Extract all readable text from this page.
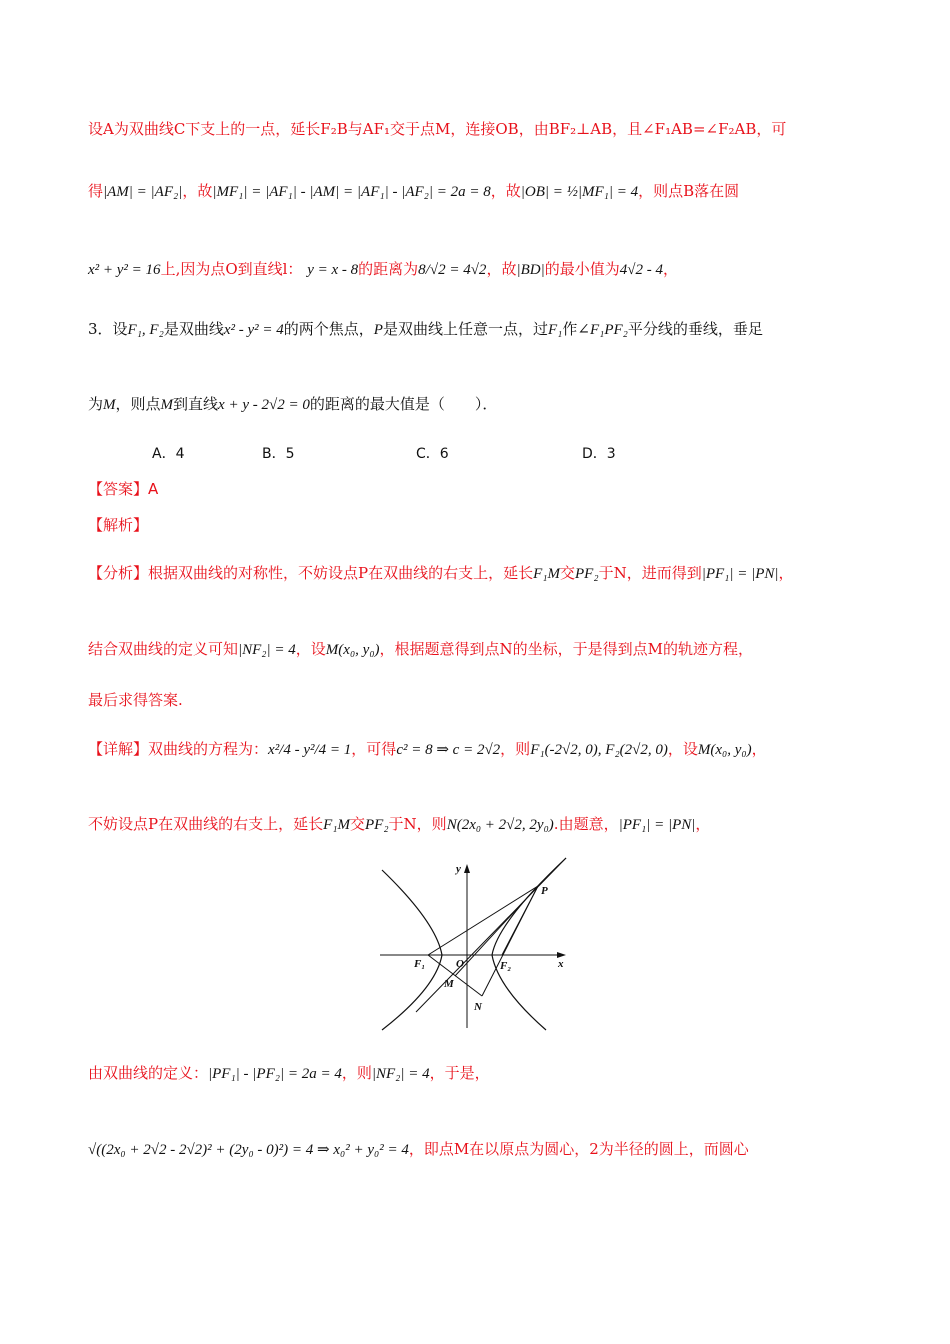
设A为双曲线C下支上的一点，延长F₂B与AF₁交于点M，连接OB，由BF₂⊥AB，且∠F₁AB=∠F₂AB，可
得|AM| = |AF₂|，故|MF₁| = |AF₁| - |AM| = |AF₁| - |AF₂| = 2a = 8，故|OB| = ½|MF₁| = 4，则点B落在圆
x² + y² = 16上,因为点O到直线l： y = x - 8的距离为8/√2 = 4√2，故|BD|的最小值为4√2 - 4，
3．设F₁, F₂是双曲线x² - y² = 4的两个焦点，P是双曲线上任意一点，过F₁作∠F₁PF₂平分线的垂线，垂足
为M，则点M到直线x + y - 2√2 = 0的距离的最大值是（　　）．
A．4	B．5	C．6	D．3
【答案】A
【解析】
【分析】根据双曲线的对称性，不妨设点P在双曲线的右支上，延长F₁M交PF₂于N，进而得到|PF₁| = |PN|，
结合双曲线的定义可知|NF₂| = 4，设M(x₀, y₀)，根据题意得到点N的坐标，于是得到点M的轨迹方程，
最后求得答案.
【详解】双曲线的方程为：x²/4 - y²/4 = 1，可得c² = 8 ⇒ c = 2√2，则F₁(-2√2, 0), F₂(2√2, 0)，设M(x₀, y₀)，
不妨设点P在双曲线的右支上，延长F₁M交PF₂于N，则N(2x₀ + 2√2, 2y₀).由题意，|PF₁| = |PN|，
y
x
O
F₁	F₂
P
M
N
由双曲线的定义：|PF₁| - |PF₂| = 2a = 4，则|NF₂| = 4，于是，
√((2x₀ + 2√2 - 2√2)² + (2y₀ - 0)²) = 4 ⇒ x₀² + y₀² = 4，即点M在以原点为圆心，2为半径的圆上，而圆心
